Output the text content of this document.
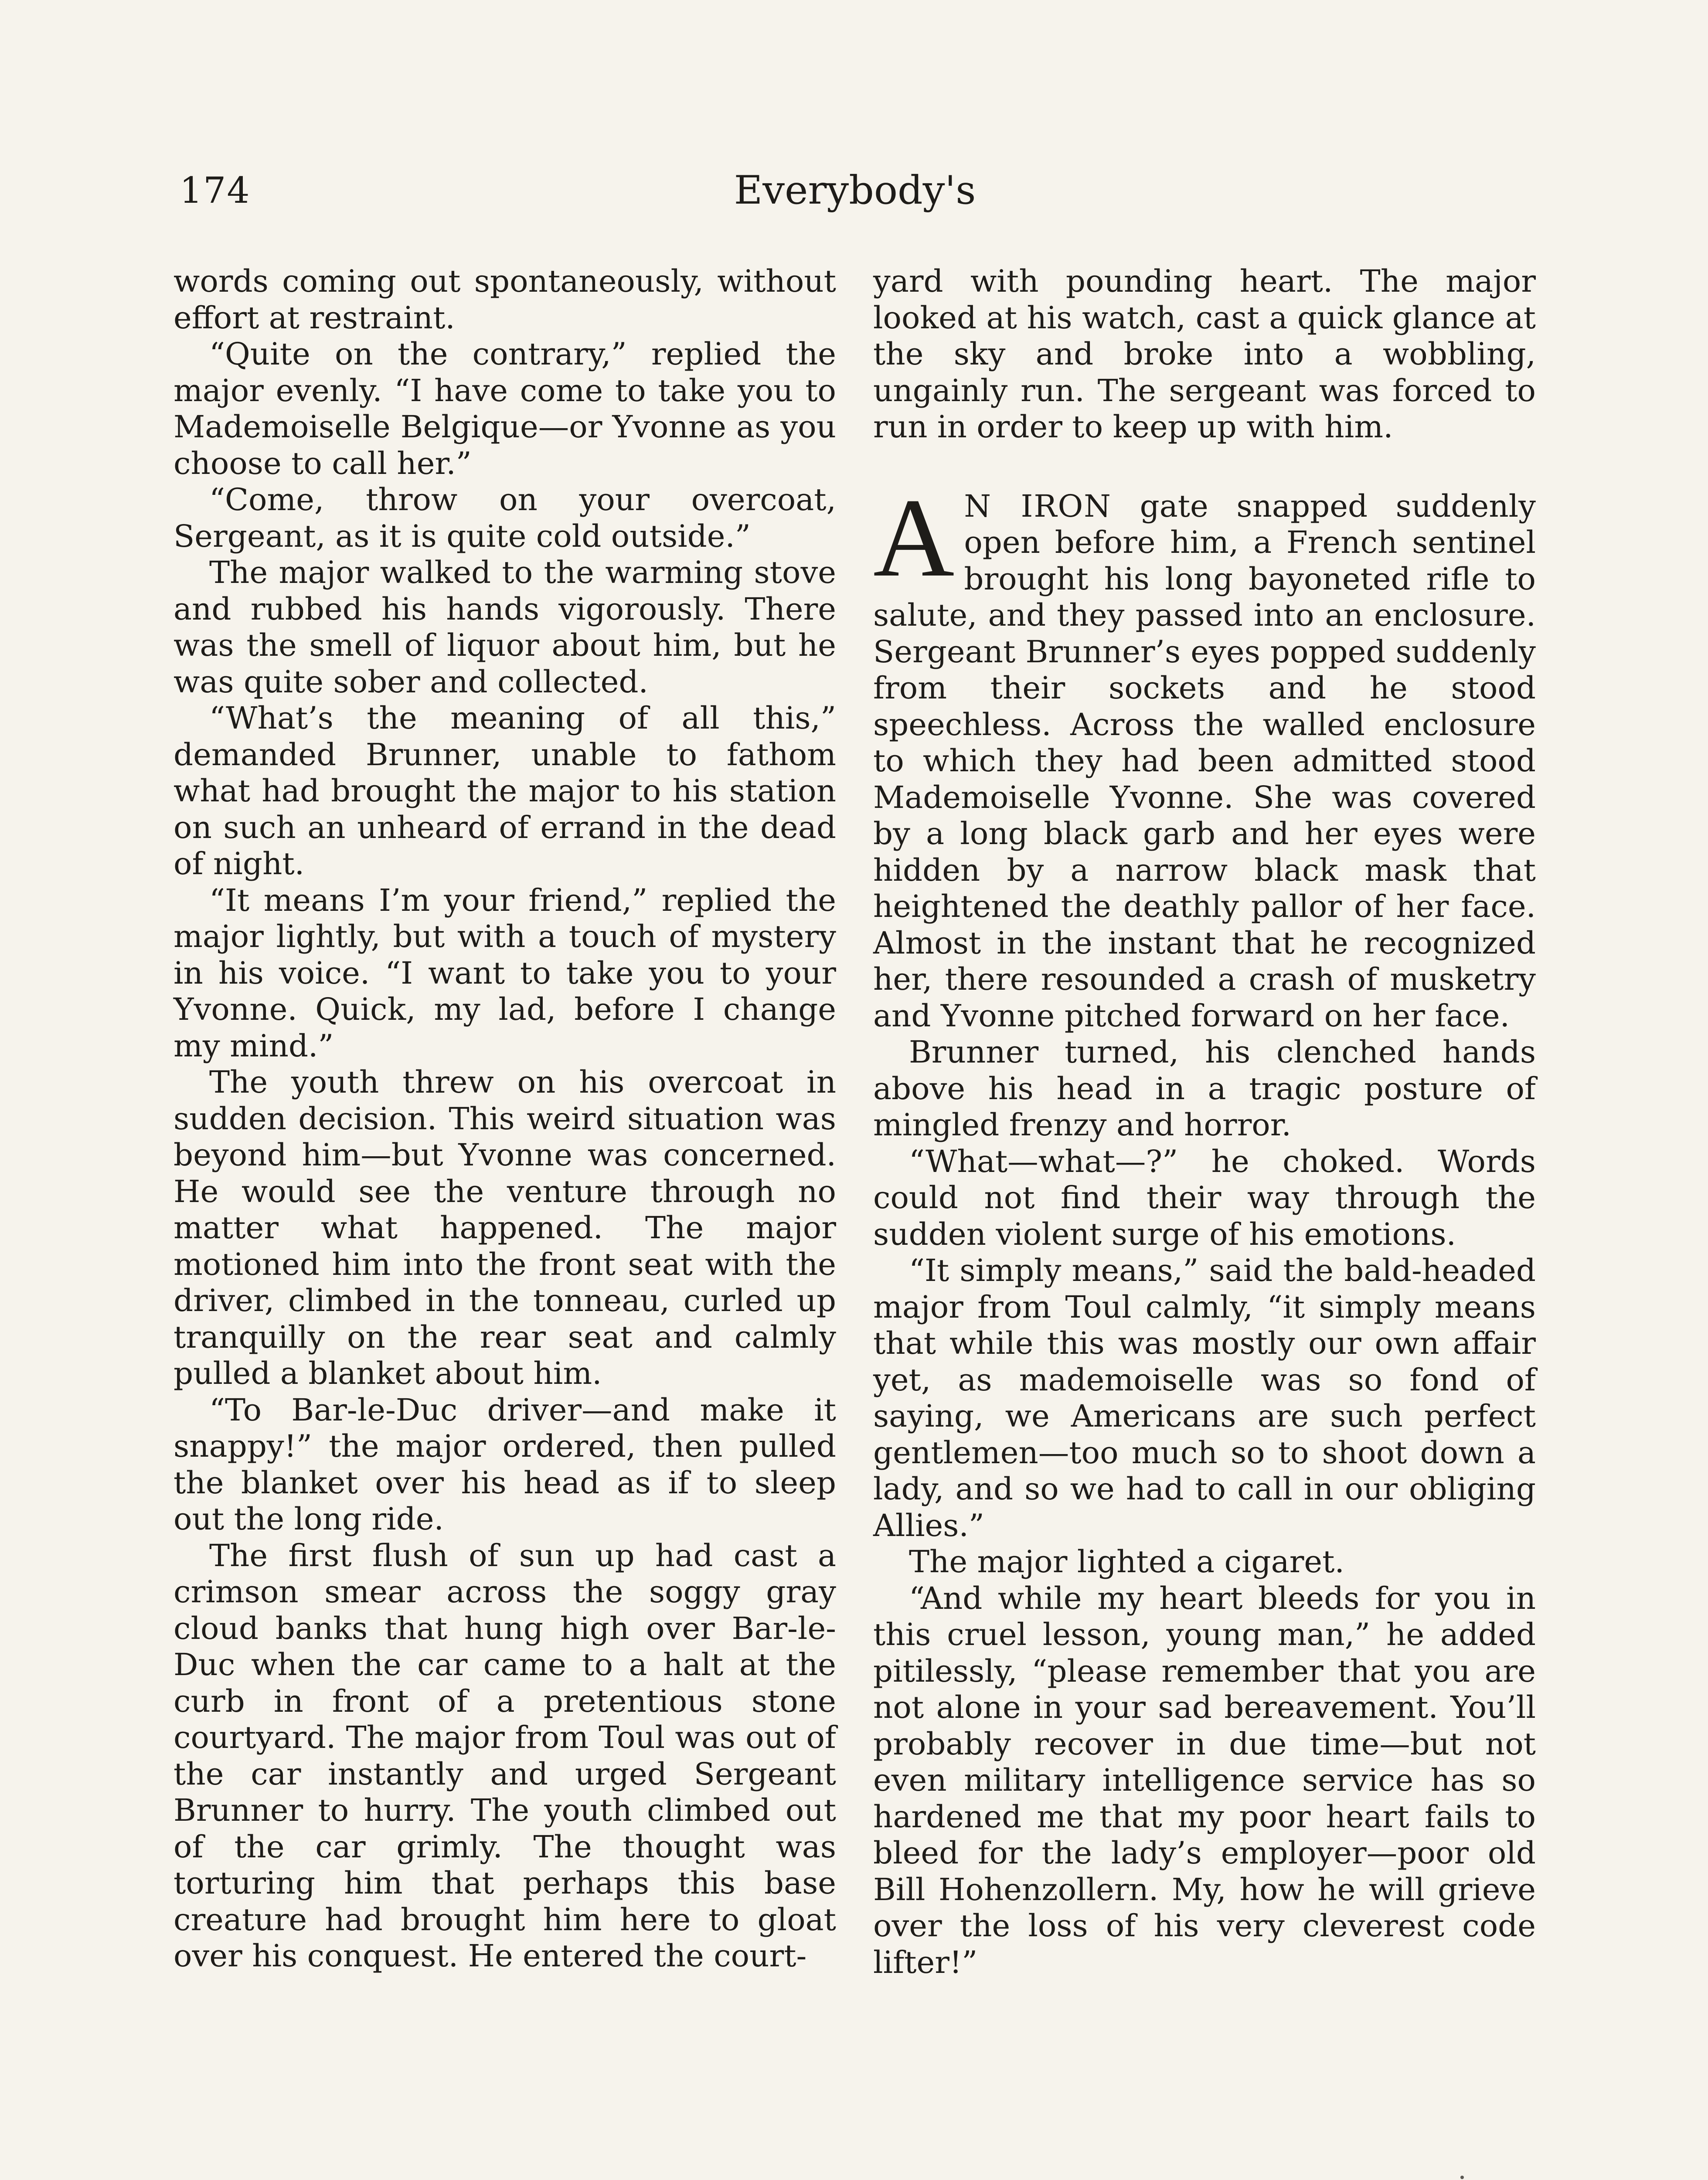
174	Everybody's

words coming out spontaneously, without effort at restraint.

“Quite on the contrary,” replied the major evenly. “I have come to take you to Mademoiselle Belgique—or Yvonne as you choose to call her.”

“Come, throw on your overcoat, Sergeant, as it is quite cold outside.”

The major walked to the warming stove and rubbed his hands vigorously. There was the smell of liquor about him, but he was quite sober and collected.

“What’s the meaning of all this,” demanded Brunner, unable to fathom what had brought the major to his station on such an unheard of errand in the dead of night.

“It means I’m your friend,” replied the major lightly, but with a touch of mystery in his voice. “I want to take you to your Yvonne. Quick, my lad, before I change my mind.”

The youth threw on his overcoat in sudden decision. This weird situation was beyond him—but Yvonne was concerned. He would see the venture through no matter what happened. The major motioned him into the front seat with the driver, climbed in the tonneau, curled up tranquilly on the rear seat and calmly pulled a blanket about him.

“To Bar-le-Duc driver—and make it snappy!” the major ordered, then pulled the blanket over his head as if to sleep out the long ride.

The first flush of sun up had cast a crimson smear across the soggy gray cloud banks that hung high over Bar-le-Duc when the car came to a halt at the curb in front of a pretentious stone courtyard. The major from Toul was out of the car instantly and urged Sergeant Brunner to hurry. The youth climbed out of the car grimly. The thought was torturing him that perhaps this base creature had brought him here to gloat over his conquest. He entered the court-

yard with pounding heart. The major looked at his watch, cast a quick glance at the sky and broke into a wobbling, ungainly run. The sergeant was forced to run in order to keep up with him.

A N IRON gate snapped suddenly open before him, a French sentinel brought his long bayoneted rifle to salute, and they passed into an enclosure. Sergeant Brunner’s eyes popped suddenly from their sockets and he stood speechless. Across the walled enclosure to which they had been admitted stood Mademoiselle Yvonne. She was covered by a long black garb and her eyes were hidden by a narrow black mask that heightened the deathly pallor of her face. Almost in the instant that he recognized her, there resounded a crash of musketry and Yvonne pitched forward on her face.

Brunner turned, his clenched hands above his head in a tragic posture of mingled frenzy and horror.

“What—what—?” he choked. Words could not find their way through the sudden violent surge of his emotions.

“It simply means,” said the bald-headed major from Toul calmly, “it simply means that while this was mostly our own affair yet, as mademoiselle was so fond of saying, we Americans are such perfect gentlemen—too much so to shoot down a lady, and so we had to call in our obliging Allies.”

The major lighted a cigaret.

“And while my heart bleeds for you in this cruel lesson, young man,” he added pitilessly, “please remember that you are not alone in your sad bereavement. You’ll probably recover in due time—but not even military intelligence service has so hardened me that my poor heart fails to bleed for the lady’s employer—poor old Bill Hohenzollern. My, how he will grieve over the loss of his very cleverest code lifter!”
